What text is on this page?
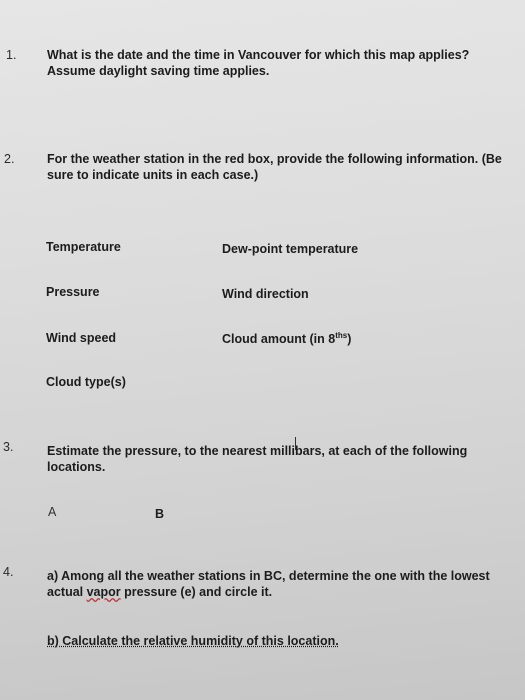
1. What is the date and the time in Vancouver for which this map applies? Assume daylight saving time applies.
2.	For the weather station in the red box, provide the following information. (Be sure to indicate units in each case.)
Temperature	Dew-point temperature
Pressure	Wind direction
Wind speed	Cloud amount (in $8^{ths}$)
Cloud type(s)
3.	Estimate the pressure, to the nearest millibars, at each of the following
locations.
A	B
4.	a) Among all the weather stations in BC, determine the one with the lowest
actual vapor pressure (e) and circle it.
b) Calculate the relative humidity of this location.
